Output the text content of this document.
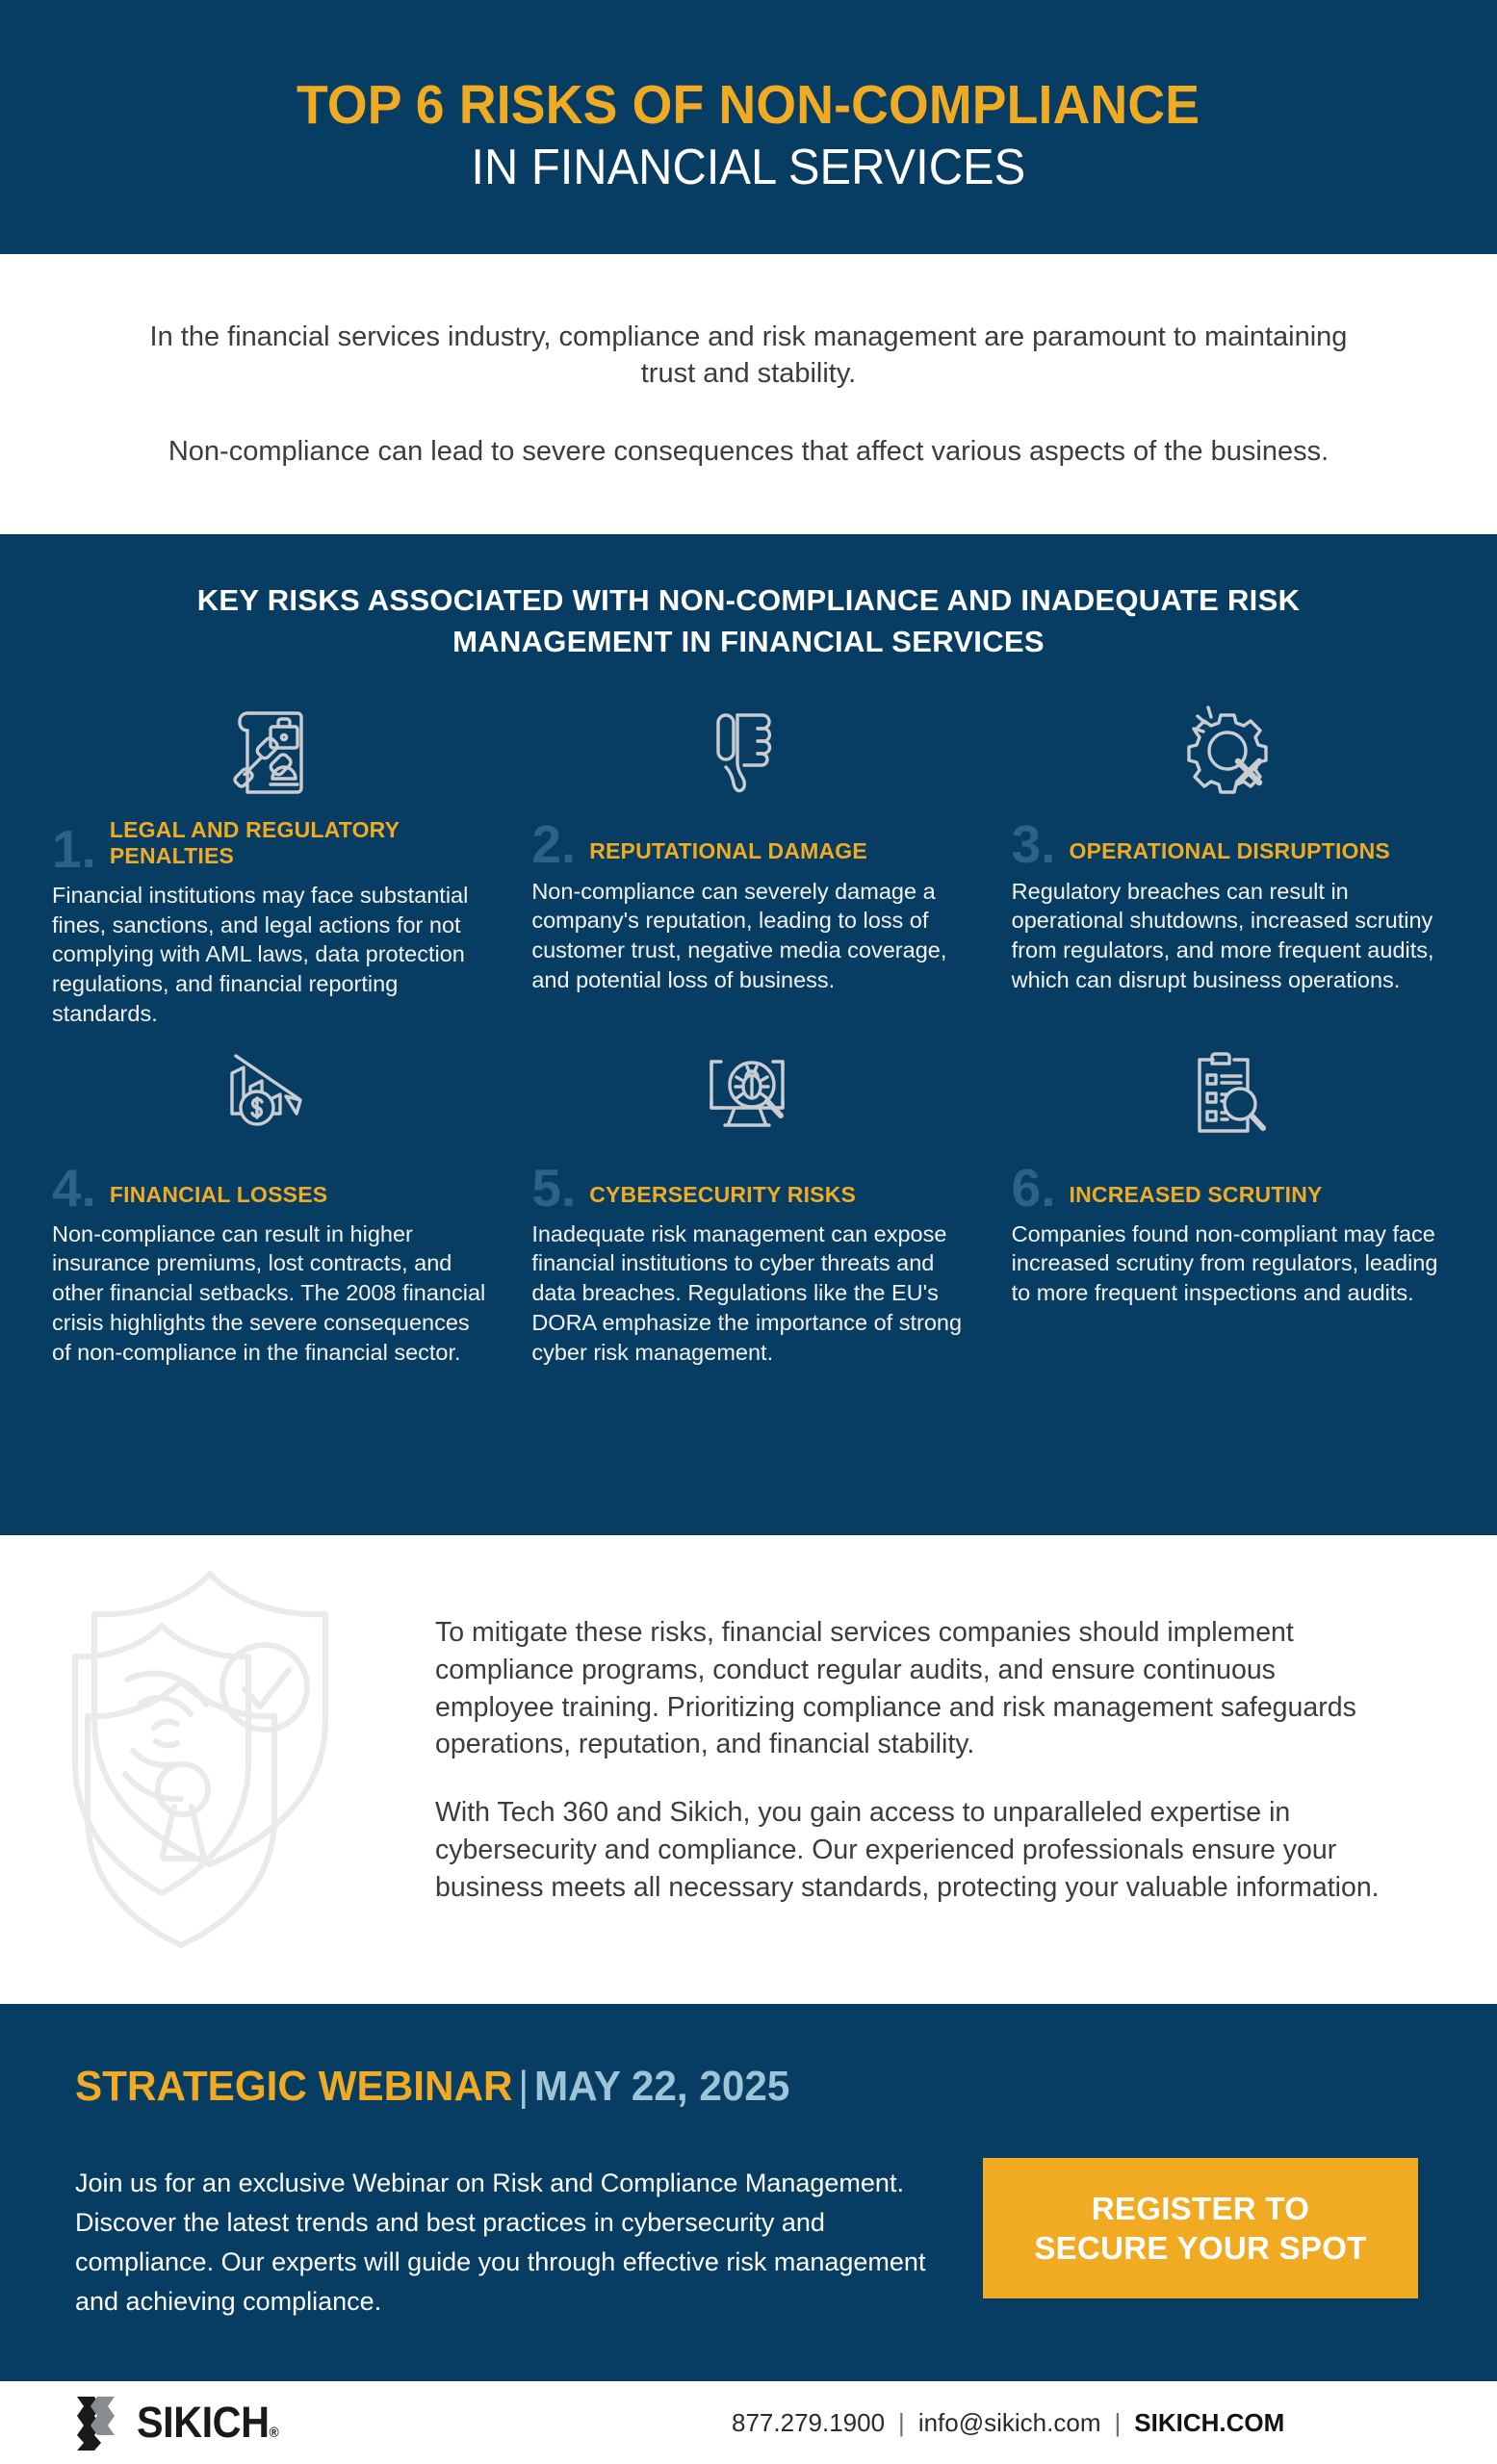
TOP 6 RISKS OF NON-COMPLIANCE
IN FINANCIAL SERVICES

In the financial services industry, compliance and risk management are paramount to maintaining trust and stability.

Non-compliance can lead to severe consequences that affect various aspects of the business.

KEY RISKS ASSOCIATED WITH NON-COMPLIANCE AND INADEQUATE RISK MANAGEMENT IN FINANCIAL SERVICES
1. LEGAL AND REGULATORY PENALTIES
Financial institutions may face substantial fines, sanctions, and legal actions for not complying with AML laws, data protection regulations, and financial reporting standards.
2. REPUTATIONAL DAMAGE
Non-compliance can severely damage a company's reputation, leading to loss of customer trust, negative media coverage, and potential loss of business.
3. OPERATIONAL DISRUPTIONS
Regulatory breaches can result in operational shutdowns, increased scrutiny from regulators, and more frequent audits, which can disrupt business operations.
4. FINANCIAL LOSSES
Non-compliance can result in higher insurance premiums, lost contracts, and other financial setbacks. The 2008 financial crisis highlights the severe consequences of non-compliance in the financial sector.
5. CYBERSECURITY RISKS
Inadequate risk management can expose financial institutions to cyber threats and data breaches. Regulations like the EU's DORA emphasize the importance of strong cyber risk management.
6. INCREASED SCRUTINY
Companies found non-compliant may face increased scrutiny from regulators, leading to more frequent inspections and audits.

To mitigate these risks, financial services companies should implement compliance programs, conduct regular audits, and ensure continuous employee training. Prioritizing compliance and risk management safeguards operations, reputation, and financial stability.

With Tech 360 and Sikich, you gain access to unparalleled expertise in cybersecurity and compliance. Our experienced professionals ensure your business meets all necessary standards, protecting your valuable information.

STRATEGIC WEBINAR | MAY 22, 2025
Join us for an exclusive Webinar on Risk and Compliance Management. Discover the latest trends and best practices in cybersecurity and compliance. Our experts will guide you through effective risk management and achieving compliance.
REGISTER TO
SECURE YOUR SPOT
SIKICH®	877.279.1900 | info@sikich.com | SIKICH.COM
